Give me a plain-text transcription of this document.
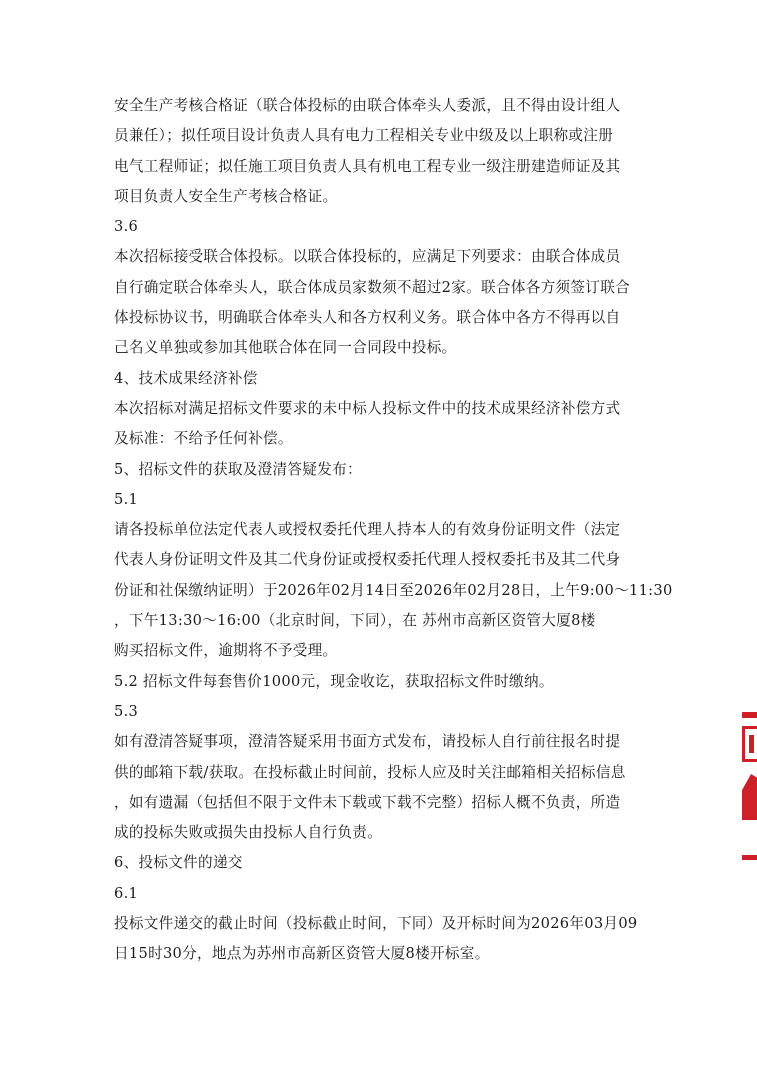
安全生产考核合格证（联合体投标的由联合体牵头人委派，且不得由设计组人
员兼任）；拟任项目设计负责人具有电力工程相关专业中级及以上职称或注册
电气工程师证；拟任施工项目负责人具有机电工程专业一级注册建造师证及其
项目负责人安全生产考核合格证。
3.6
本次招标接受联合体投标。以联合体投标的，应满足下列要求：由联合体成员
自行确定联合体牵头人，联合体成员家数须不超过2家。联合体各方须签订联合
体投标协议书，明确联合体牵头人和各方权利义务。联合体中各方不得再以自
己名义单独或参加其他联合体在同一合同段中投标。
4、技术成果经济补偿
本次招标对满足招标文件要求的未中标人投标文件中的技术成果经济补偿方式
及标准：不给予任何补偿。
5、招标文件的获取及澄清答疑发布：
5.1
请各投标单位法定代表人或授权委托代理人持本人的有效身份证明文件（法定
代表人身份证明文件及其二代身份证或授权委托代理人授权委托书及其二代身
份证和社保缴纳证明）于2026年02月14日至2026年02月28日，上午9:00～11:30
，下午13:30～16:00（北京时间，下同），在 苏州市高新区资管大厦8楼
购买招标文件，逾期将不予受理。
5.2 招标文件每套售价1000元，现金收讫，获取招标文件时缴纳。
5.3
如有澄清答疑事项，澄清答疑采用书面方式发布，请投标人自行前往报名时提
供的邮箱下载/获取。在投标截止时间前，投标人应及时关注邮箱相关招标信息
，如有遗漏（包括但不限于文件未下载或下载不完整）招标人概不负责，所造
成的投标失败或损失由投标人自行负责。
6、投标文件的递交
6.1
投标文件递交的截止时间（投标截止时间，下同）及开标时间为2026年03月09
日15时30分，地点为苏州市高新区资管大厦8楼开标室。
